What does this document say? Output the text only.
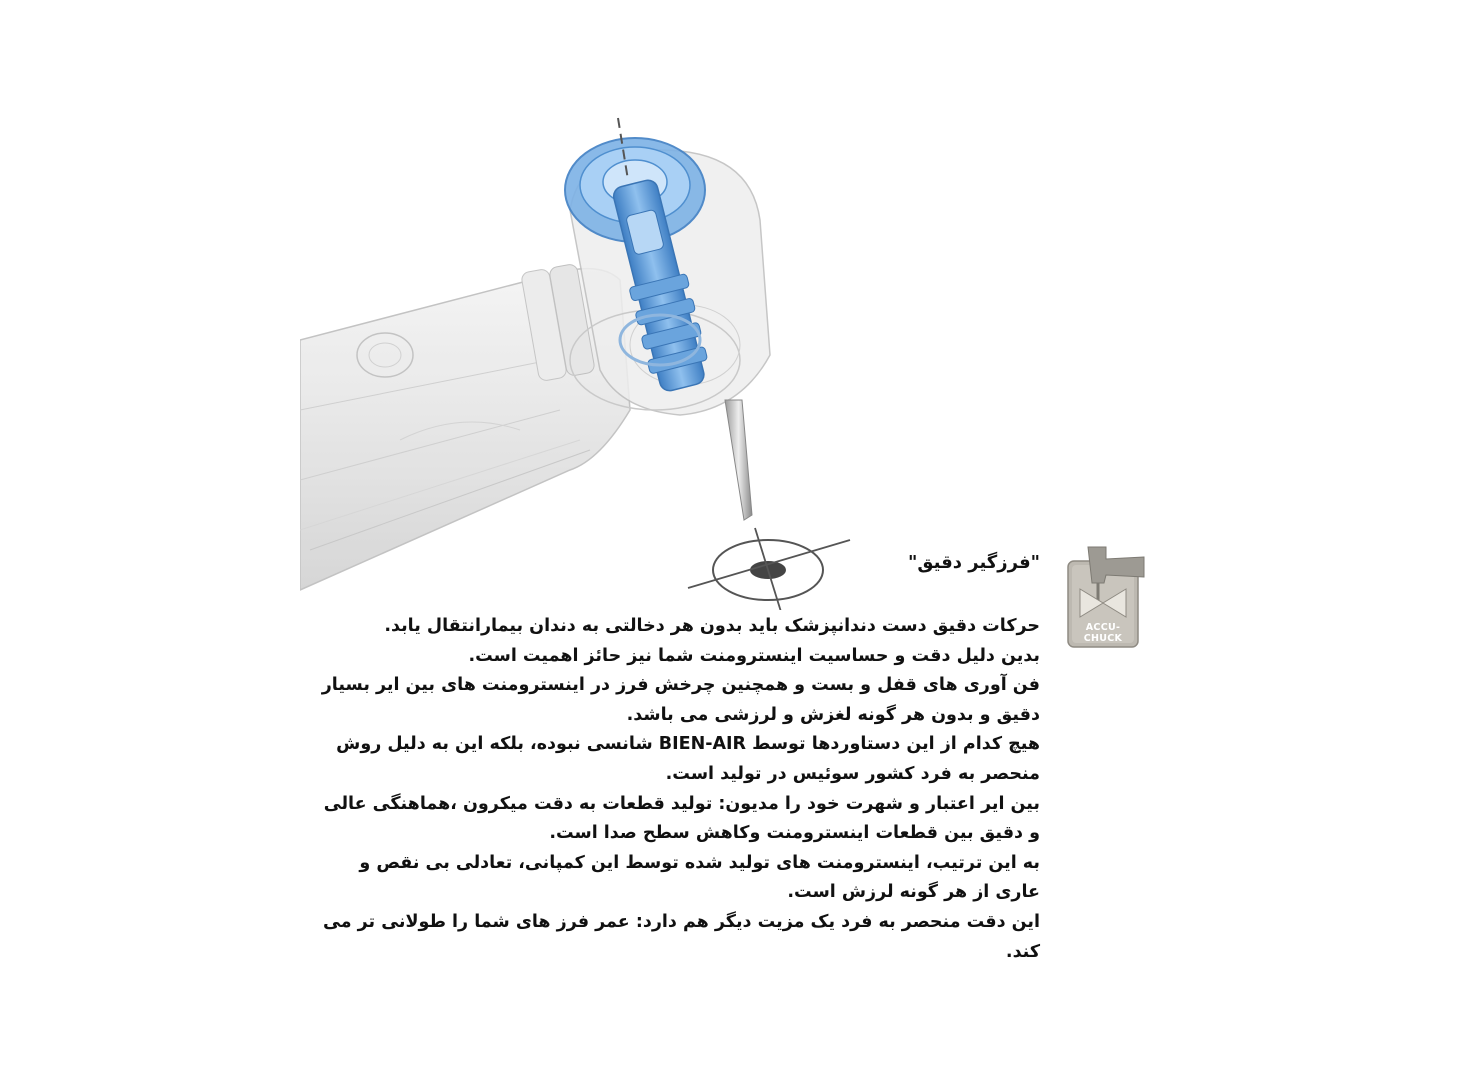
"فرزگیر دقیق"

حرکات دقیق دست دندانپزشک باید بدون هر دخالتی به دندان بیمارانتقال یابد.

بدین دلیل دقت و حساسیت اینسترومنت شما نیز حائز اهمیت است.

فن آوری های قفل و بست و همچنین چرخش فرز در اینسترومنت های بین ایر بسیار دقیق و بدون هر گونه لغزش و لرزشی می باشد.

هیچ کدام از این دستاوردها توسط BIEN-AIR شانسی نبوده، بلکه این به دلیل روش منحصر به فرد کشور سوئیس در تولید است.

بین ایر اعتبار و شهرت خود را مدیون: تولید قطعات به دقت میکرون ،هماهنگی عالی و دقیق بین قطعات اینسترومنت وکاهش سطح صدا است.

به این ترتیب، اینسترومنت های تولید شده توسط این کمپانی، تعادلی بی نقص و عاری از هر گونه لرزش است.

این دقت منحصر به فرد یک مزیت دیگر هم دارد: عمر فرز های شما را طولانی تر می کند.

ACCU-
CHUCK
